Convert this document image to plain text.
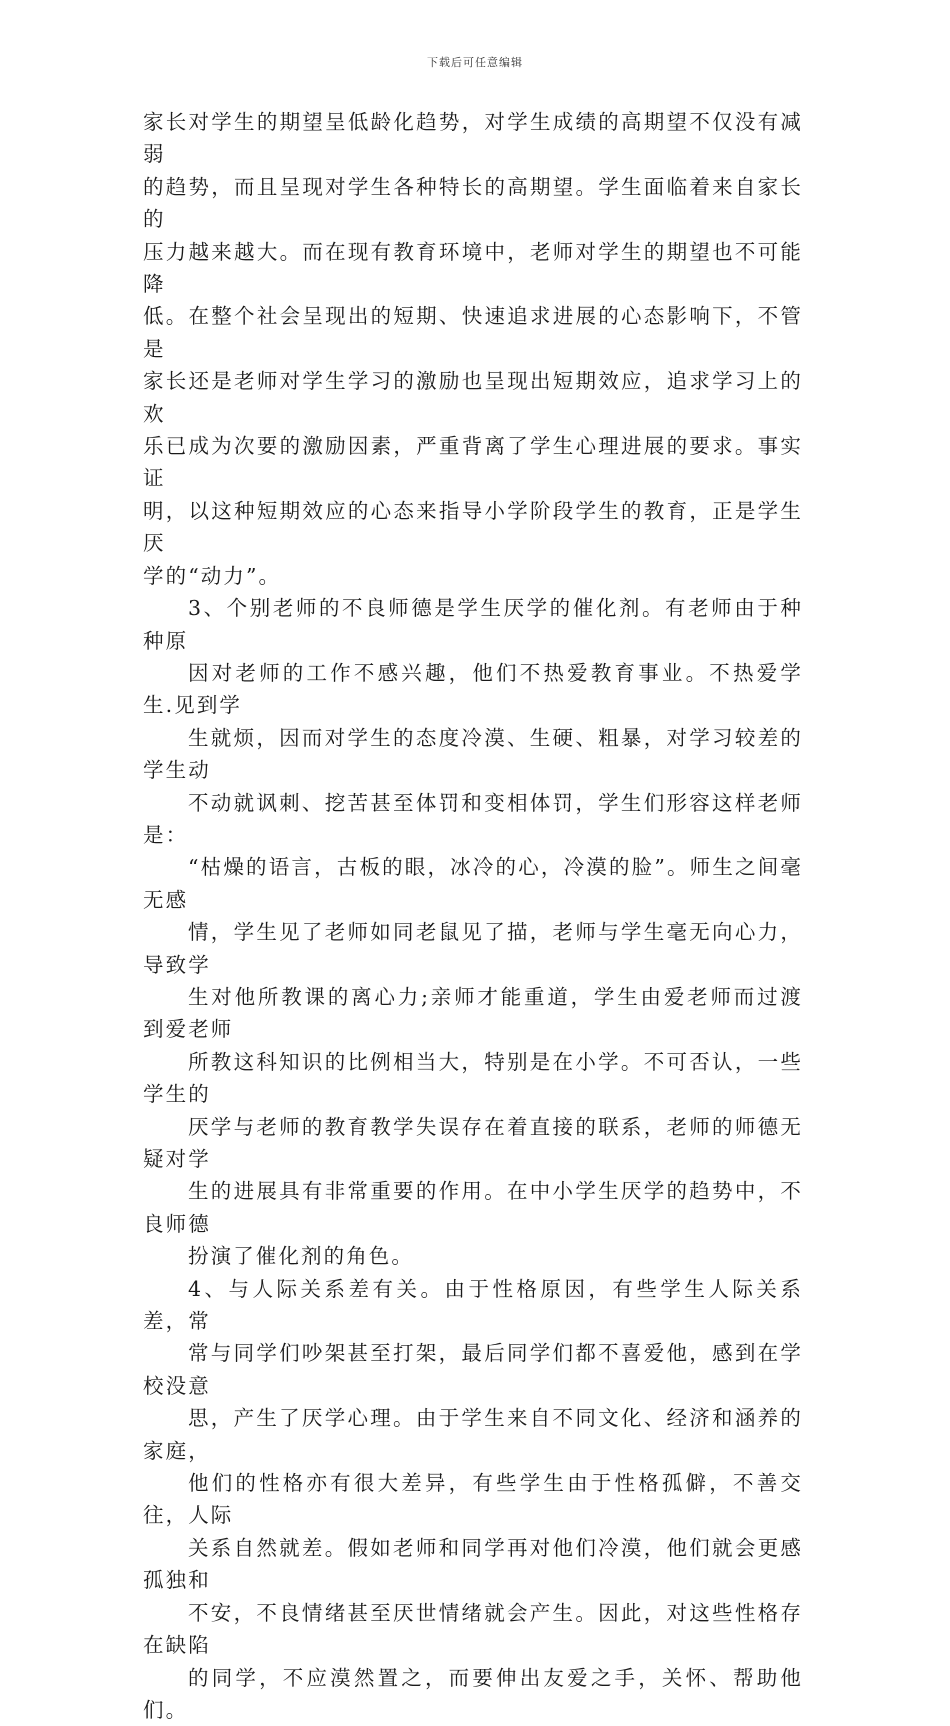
下载后可任意编辑

家长对学生的期望呈低龄化趋势，对学生成绩的高期望不仅没有减弱
的趋势，而且呈现对学生各种特长的高期望。学生面临着来自家长的
压力越来越大。而在现有教育环境中，老师对学生的期望也不可能降
低。在整个社会呈现出的短期、快速追求进展的心态影响下，不管是
家长还是老师对学生学习的激励也呈现出短期效应，追求学习上的欢
乐已成为次要的激励因素，严重背离了学生心理进展的要求。事实证
明，以这种短期效应的心态来指导小学阶段学生的教育，正是学生厌
学的“动力”。

3、个别老师的不良师德是学生厌学的催化剂。有老师由于种种原
因对老师的工作不感兴趣，他们不热爱教育事业。不热爱学生.见到学
生就烦，因而对学生的态度冷漠、生硬、粗暴，对学习较差的学生动
不动就讽刺、挖苦甚至体罚和变相体罚，学生们形容这样老师是：
“枯燥的语言，古板的眼，冰冷的心，冷漠的脸”。师生之间毫无感
情，学生见了老师如同老鼠见了描，老师与学生毫无向心力，导致学
生对他所教课的离心力;亲师才能重道，学生由爱老师而过渡到爱老师
所教这科知识的比例相当大，特别是在小学。不可否认，一些学生的
厌学与老师的教育教学失误存在着直接的联系，老师的师德无疑对学
生的进展具有非常重要的作用。在中小学生厌学的趋势中，不良师德
扮演了催化剂的角色。

4、与人际关系差有关。由于性格原因，有些学生人际关系差，常
常与同学们吵架甚至打架，最后同学们都不喜爱他，感到在学校没意
思，产生了厌学心理。由于学生来自不同文化、经济和涵养的家庭，
他们的性格亦有很大差异，有些学生由于性格孤僻，不善交往，人际
关系自然就差。假如老师和同学再对他们冷漠，他们就会更感孤独和
不安，不良情绪甚至厌世情绪就会产生。因此，对这些性格存在缺陷
的同学，不应漠然置之，而要伸出友爱之手，关怀、帮助他们。
